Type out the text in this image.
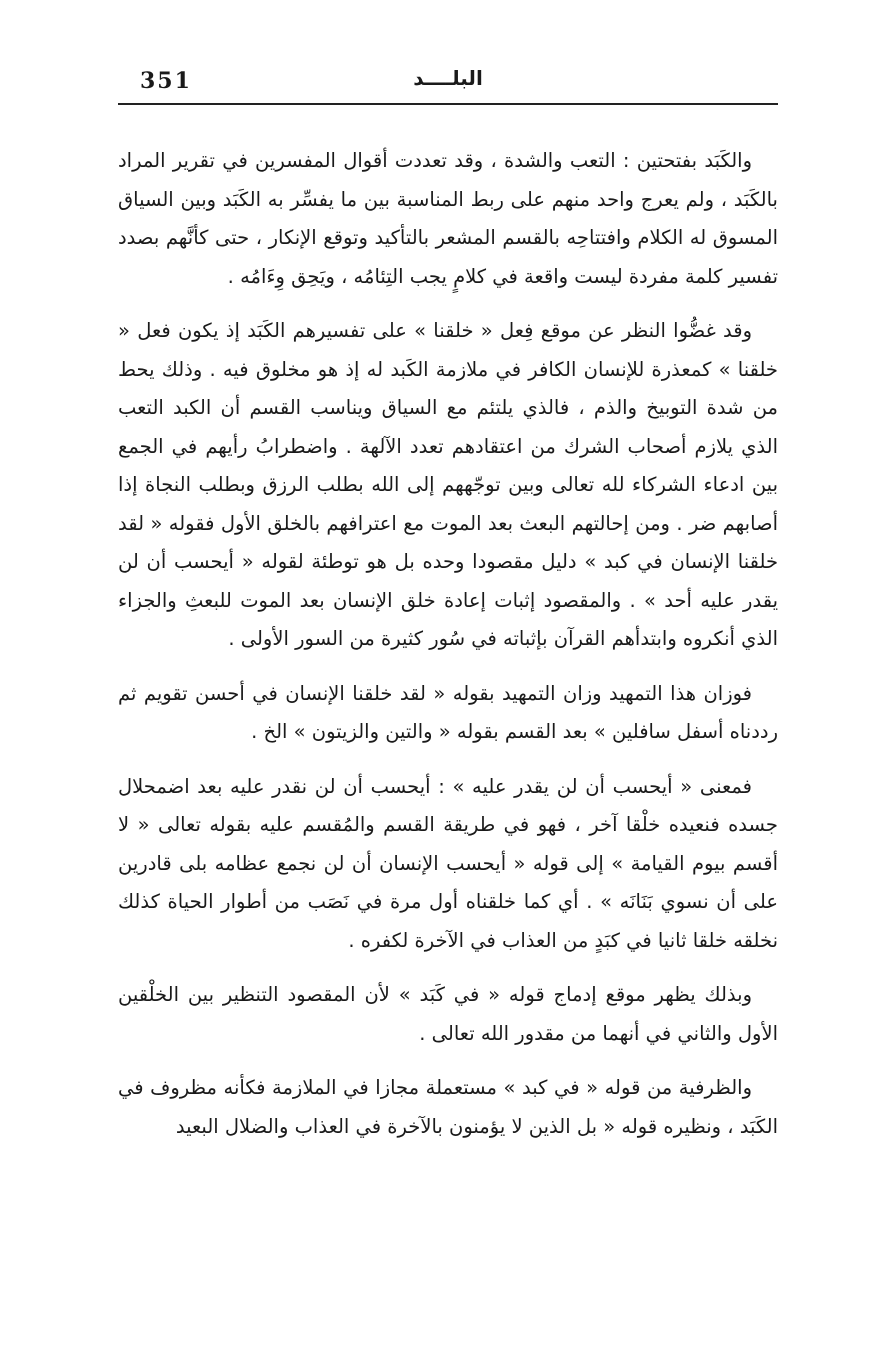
351	البلــــد

والكَبَد بفتحتين : التعب والشدة ، وقد تعددت أقوال المفسرين في تقرير المراد بالكَبَد ، ولم يعرج واحد منهم على ربط المناسبة بين ما يفسِّر به الكَبَد وبين السياق المسوق له الكلام وافتتاحِه بالقسم المشعر بالتأكيد وتوقع الإنكار ، حتى كأنَّهم بصدد تفسير كلمة مفردة ليست واقعة في كلامٍ يجب التِئامُه ، ويَحِق وِءَامُه .

وقد غضُّوا النظر عن موقع فِعل « خلقنا » على تفسيرهم الكَبَد إذ يكون فعل « خلقنا » كمعذرة للإنسان الكافر في ملازمة الكَبد له إذ هو مخلوق فيه . وذلك يحط من شدة التوبيخ والذم ، فالذي يلتئم مع السياق ويناسب القسم أن الكبد التعب الذي يلازم أصحاب الشرك من اعتقادهم تعدد الآلهة . واضطرابُ رأيهم في الجمع بين ادعاء الشركاء لله تعالى وبين توجّههم إلى الله بطلب الرزق وبطلب النجاة إذا أصابهم ضر . ومن إحالتهم البعث بعد الموت مع اعترافهم بالخلق الأول فقوله « لقد خلقنا الإنسان في كبد » دليل مقصودا وحده بل هو توطئة لقوله « أيحسب أن لن يقدر عليه أحد » . والمقصود إثبات إعادة خلق الإنسان بعد الموت للبعثِ والجزاء الذي أنكروه وابتدأهم القرآن بإثباته في سُور كثيرة من السور الأولى .

فوزان هذا التمهيد وزان التمهيد بقوله « لقد خلقنا الإنسان في أحسن تقويم ثم رددناه أسفل سافلين » بعد القسم بقوله « والتين والزيتون » الخ .

فمعنى « أيحسب أن لن يقدر عليه » : أيحسب أن لن نقدر عليه بعد اضمحلال جسده فنعيده خلْقا آخر ، فهو في طريقة القسم والمُقسم عليه بقوله تعالى « لا أقسم بيوم القيامة » إلى قوله « أيحسب الإنسان أن لن نجمع عظامه بلى قادرين على أن نسوي بَنَانَه » . أي كما خلقناه أول مرة في نَصَب من أطوار الحياة كذلك نخلقه خلقا ثانيا في كبَدٍ من العذاب في الآخرة لكفره .

وبذلك يظهر موقع إدماج قوله « في كَبَد » لأن المقصود التنظير بين الخلْقين الأول والثاني في أنهما من مقدور الله تعالى .

والظرفية من قوله « في كبد » مستعملة مجازا في الملازمة فكأنه مظروف في الكَبَد ، ونظيره قوله « بل الذين لا يؤمنون بالآخرة في العذاب والضلال البعيد
